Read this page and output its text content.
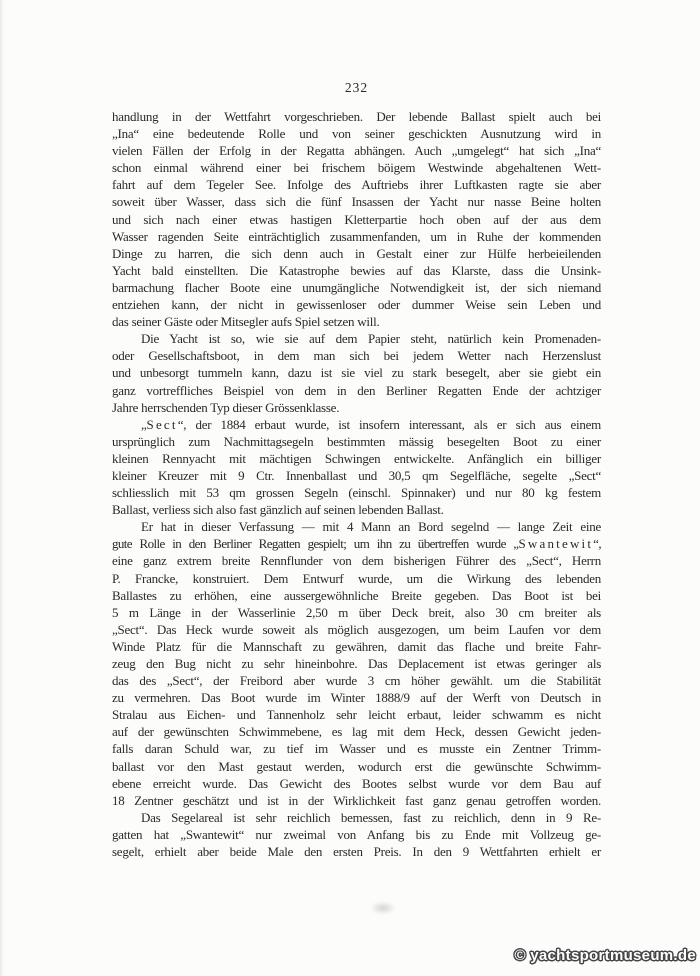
232
handlung in der Wettfahrt vorgeschrieben. Der lebende Ballast spielt auch bei
„Ina“ eine bedeutende Rolle und von seiner geschickten Ausnutzung wird in
vielen Fällen der Erfolg in der Regatta abhängen. Auch „umgelegt“ hat sich „Ina“
schon einmal während einer bei frischem böigem Westwinde abgehaltenen Wett-
fahrt auf dem Tegeler See. Infolge des Auftriebs ihrer Luftkasten ragte sie aber
soweit über Wasser, dass sich die fünf Insassen der Yacht nur nasse Beine holten
und sich nach einer etwas hastigen Kletterpartie hoch oben auf der aus dem
Wasser ragenden Seite einträchtiglich zusammenfanden, um in Ruhe der kommenden
Dinge zu harren, die sich denn auch in Gestalt einer zur Hülfe herbeieilenden
Yacht bald einstellten. Die Katastrophe bewies auf das Klarste, dass die Unsink-
barmachung flacher Boote eine unumgängliche Notwendigkeit ist, der sich niemand
entziehen kann, der nicht in gewissenloser oder dummer Weise sein Leben und
das seiner Gäste oder Mitsegler aufs Spiel setzen will.
Die Yacht ist so, wie sie auf dem Papier steht, natürlich kein Promenaden-
oder Gesellschaftsboot, in dem man sich bei jedem Wetter nach Herzenslust
und unbesorgt tummeln kann, dazu ist sie viel zu stark besegelt, aber sie giebt ein
ganz vortreffliches Beispiel von dem in den Berliner Regatten Ende der achtziger
Jahre herrschenden Typ dieser Grössenklasse.
„Sect“, der 1884 erbaut wurde, ist insofern interessant, als er sich aus einem
ursprünglich zum Nachmittagsegeln bestimmten mässig besegelten Boot zu einer
kleinen Rennyacht mit mächtigen Schwingen entwickelte. Anfänglich ein billiger
kleiner Kreuzer mit 9 Ctr. Innenballast und 30,5 qm Segelfläche, segelte „Sect“
schliesslich mit 53 qm grossen Segeln (einschl. Spinnaker) und nur 80 kg festem
Ballast, verliess sich also fast gänzlich auf seinen lebenden Ballast.
Er hat in dieser Verfassung — mit 4 Mann an Bord segelnd — lange Zeit eine
gute Rolle in den Berliner Regatten gespielt; um ihn zu übertreffen wurde „Swantewit“,
eine ganz extrem breite Rennflunder von dem bisherigen Führer des „Sect“, Herrn
P. Francke, konstruiert. Dem Entwurf wurde, um die Wirkung des lebenden
Ballastes zu erhöhen, eine aussergewöhnliche Breite gegeben. Das Boot ist bei
5 m Länge in der Wasserlinie 2,50 m über Deck breit, also 30 cm breiter als
„Sect“. Das Heck wurde soweit als möglich ausgezogen, um beim Laufen vor dem
Winde Platz für die Mannschaft zu gewähren, damit das flache und breite Fahr-
zeug den Bug nicht zu sehr hineinbohre. Das Deplacement ist etwas geringer als
das des „Sect“, der Freibord aber wurde 3 cm höher gewählt. um die Stabilität
zu vermehren. Das Boot wurde im Winter 1888/9 auf der Werft von Deutsch in
Stralau aus Eichen- und Tannenholz sehr leicht erbaut, leider schwamm es nicht
auf der gewünschten Schwimmebene, es lag mit dem Heck, dessen Gewicht jeden-
falls daran Schuld war, zu tief im Wasser und es musste ein Zentner Trimm-
ballast vor den Mast gestaut werden, wodurch erst die gewünschte Schwimm-
ebene erreicht wurde. Das Gewicht des Bootes selbst wurde vor dem Bau auf
18 Zentner geschätzt und ist in der Wirklichkeit fast ganz genau getroffen worden.
Das Segelareal ist sehr reichlich bemessen, fast zu reichlich, denn in 9 Re-
gatten hat „Swantewit“ nur zweimal von Anfang bis zu Ende mit Vollzeug ge-
segelt, erhielt aber beide Male den ersten Preis. In den 9 Wettfahrten erhielt er
© yachtsportmuseum.de
